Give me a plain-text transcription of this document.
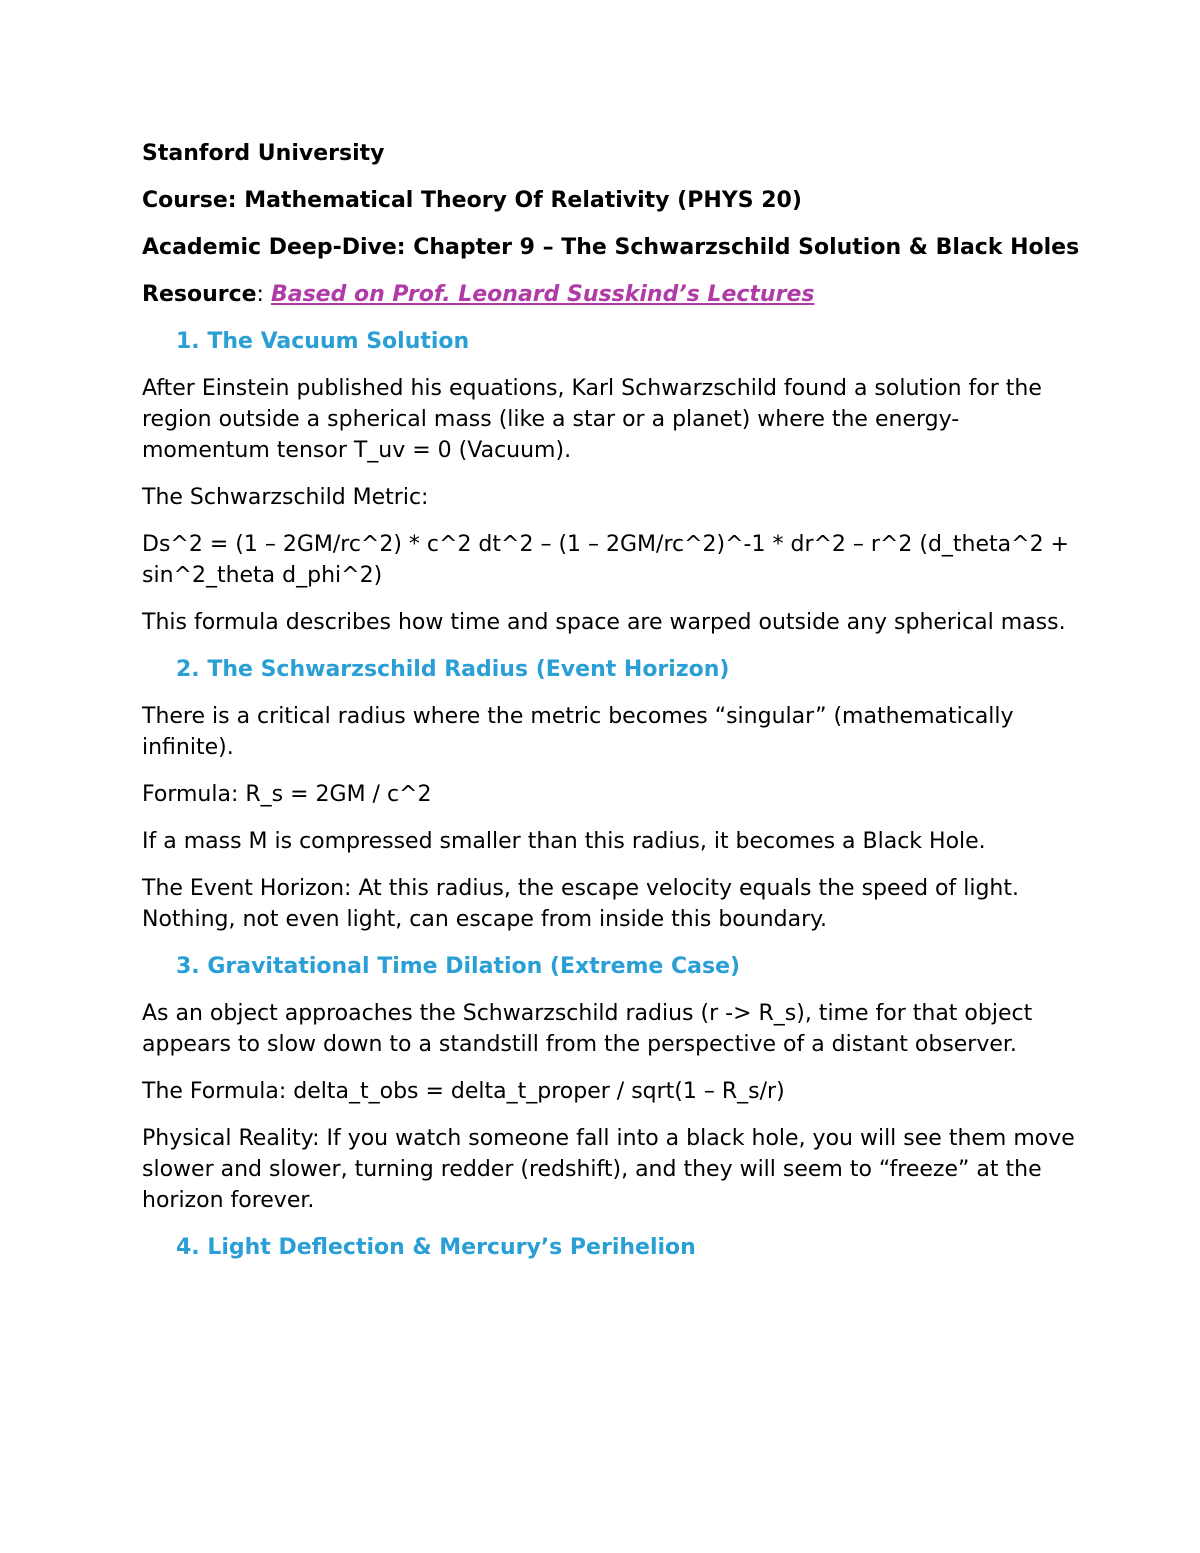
Stanford University
Course: Mathematical Theory Of Relativity (PHYS 20)
Academic Deep-Dive: Chapter 9 – The Schwarzschild Solution & Black Holes
Resource: Based on Prof. Leonard Susskind’s Lectures
1. The Vacuum Solution
After Einstein published his equations, Karl Schwarzschild found a solution for the region outside a spherical mass (like a star or a planet) where the energy-momentum tensor T_uv = 0 (Vacuum).
The Schwarzschild Metric:
Ds^2 = (1 – 2GM/rc^2) * c^2 dt^2 – (1 – 2GM/rc^2)^-1 * dr^2 – r^2 (d_theta^2 + sin^2_theta d_phi^2)
This formula describes how time and space are warped outside any spherical mass.
2. The Schwarzschild Radius (Event Horizon)
There is a critical radius where the metric becomes “singular” (mathematically infinite).
Formula: R_s = 2GM / c^2
If a mass M is compressed smaller than this radius, it becomes a Black Hole.
The Event Horizon: At this radius, the escape velocity equals the speed of light. Nothing, not even light, can escape from inside this boundary.
3. Gravitational Time Dilation (Extreme Case)
As an object approaches the Schwarzschild radius (r -> R_s), time for that object appears to slow down to a standstill from the perspective of a distant observer.
The Formula: delta_t_obs = delta_t_proper / sqrt(1 – R_s/r)
Physical Reality: If you watch someone fall into a black hole, you will see them move slower and slower, turning redder (redshift), and they will seem to “freeze” at the horizon forever.
4. Light Deflection & Mercury’s Perihelion
